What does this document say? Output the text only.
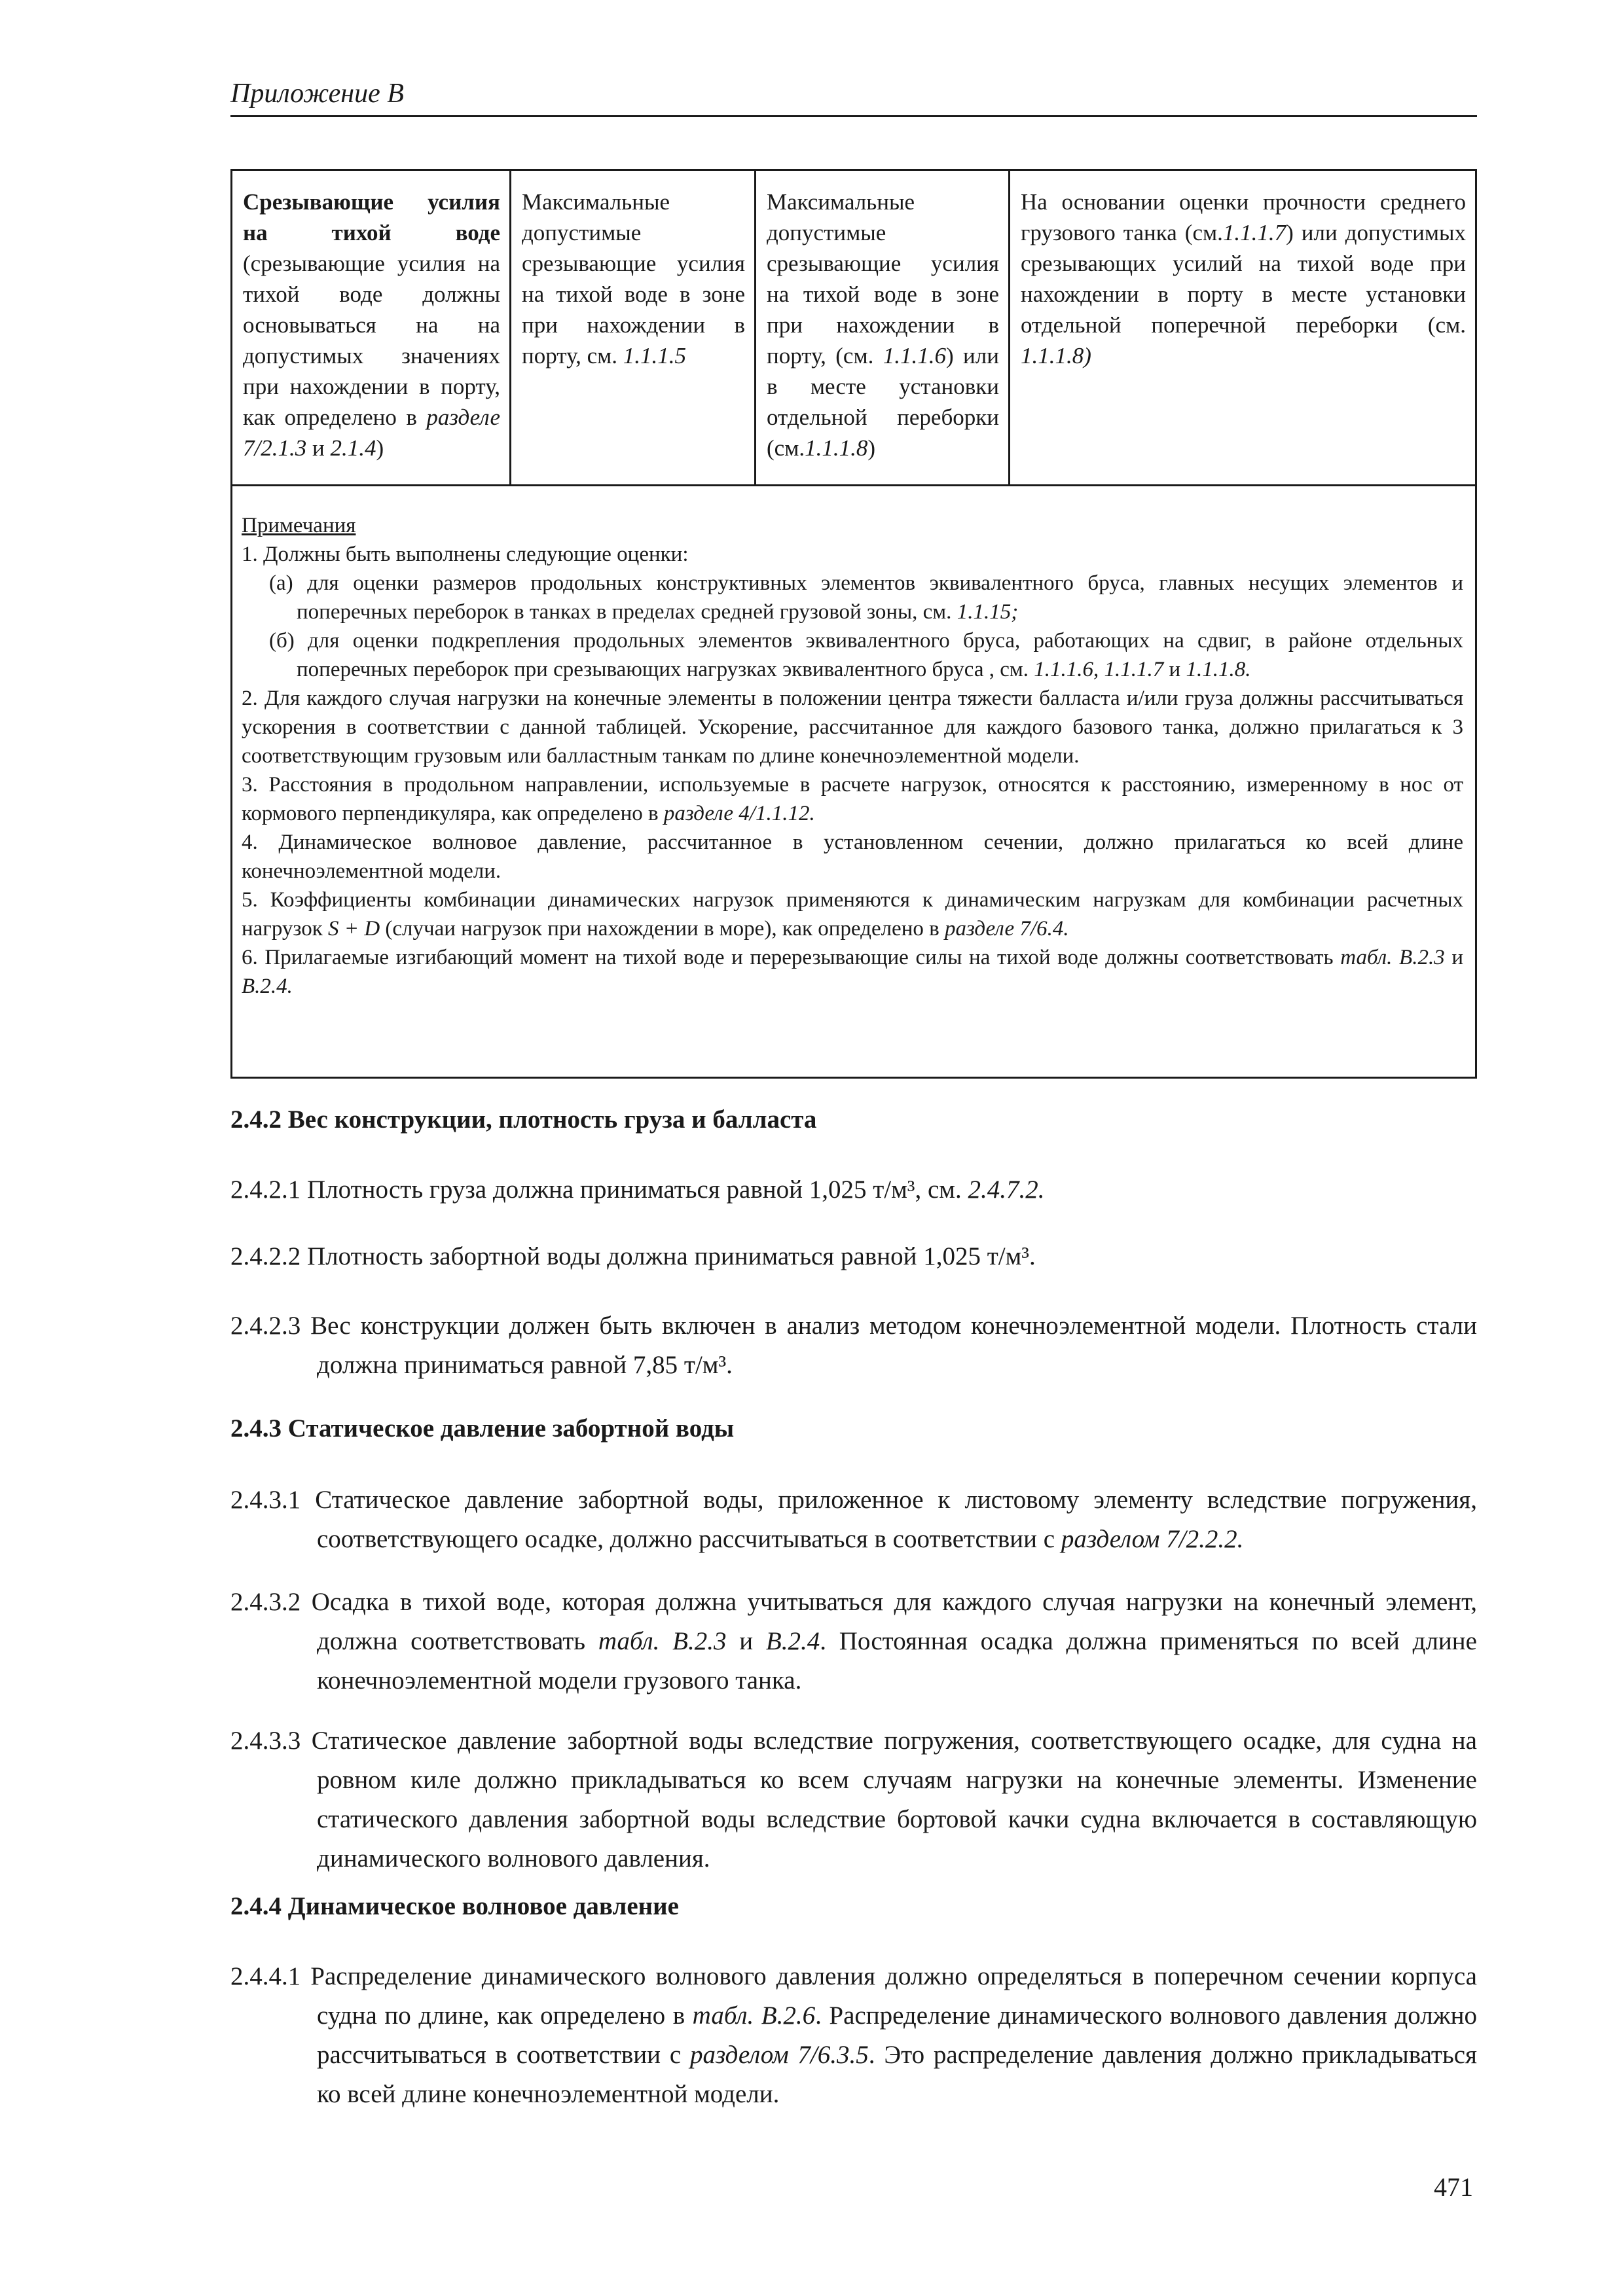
Приложение В
Срезывающие усилия на тихой воде (срезывающие усилия на тихой воде должны основываться на на допустимых значениях при нахождении в порту, как определено в разделе 7/2.1.3 и 2.1.4)
Максимальные допустимые срезывающие усилия на тихой воде в зоне при нахождении в порту, см. 1.1.1.5
Максимальные допустимые срезывающие усилия на тихой воде в зоне при нахождении в порту, (см. 1.1.1.6) или в месте установки отдельной переборки (см.1.1.1.8)
На основании оценки прочности среднего грузового танка (см.1.1.1.7) или допустимых срезывающих усилий на тихой воде при нахождении в порту в месте установки отдельной поперечной переборки (см. 1.1.1.8)

Примечания

1. Должны быть выполнены следующие оценки:

(а) для оценки размеров продольных конструктивных элементов эквивалентного бруса, главных несущих элементов и поперечных переборок в танках в пределах средней грузовой зоны, см. 1.1.15;

(б) для оценки подкрепления продольных элементов эквивалентного бруса, работающих на сдвиг, в районе отдельных поперечных переборок при срезывающих нагрузках эквивалентного бруса , см. 1.1.1.6, 1.1.1.7 и 1.1.1.8.

2. Для каждого случая нагрузки на конечные элементы в положении центра тяжести балласта и/или груза должны рассчитываться ускорения в соответствии с данной таблицей. Ускорение, рассчитанное для каждого базового танка, должно прилагаться к 3 соответствующим грузовым или балластным танкам по длине конечноэлементной модели.

3. Расстояния в продольном направлении, используемые в расчете нагрузок, относятся к расстоянию, измеренному в нос от кормового перпендикуляра, как определено в разделе 4/1.1.12.

4. Динамическое волновое давление, рассчитанное в установленном сечении, должно прилагаться ко всей длине конечноэлементной модели.

5. Коэффициенты комбинации динамических нагрузок применяются к динамическим нагрузкам для комбинации расчетных нагрузок S + D (случаи нагрузок при нахождении в море), как определено в разделе 7/6.4.

6. Прилагаемые изгибающий момент на тихой воде и перерезывающие силы на тихой воде должны соответствовать табл. В.2.3 и В.2.4.

2.4.2 Вес конструкции, плотность груза и балласта
2.4.2.1 Плотность груза должна приниматься равной 1,025 т/м³, см. 2.4.7.2.
2.4.2.2 Плотность забортной воды должна приниматься равной 1,025 т/м³.
2.4.2.3 Вес конструкции должен быть включен в анализ методом конечноэлементной модели. Плотность стали должна приниматься равной 7,85 т/м³.
2.4.3 Статическое давление забортной воды
2.4.3.1 Статическое давление забортной воды, приложенное к листовому элементу вследствие погружения, соответствующего осадке, должно рассчитываться в соответствии с разделом 7/2.2.2.
2.4.3.2 Осадка в тихой воде, которая должна учитываться для каждого случая нагрузки на конечный элемент, должна соответствовать табл. В.2.3 и В.2.4. Постоянная осадка должна применяться по всей длине конечноэлементной модели грузового танка.
2.4.3.3 Статическое давление забортной воды вследствие погружения, соответствующего осадке, для судна на ровном киле должно прикладываться ко всем случаям нагрузки на конечные элементы. Изменение статического давления забортной воды вследствие бортовой качки судна включается в составляющую динамического волнового давления.
2.4.4 Динамическое волновое давление
2.4.4.1 Распределение динамического волнового давления должно определяться в поперечном сечении корпуса судна по длине, как определено в табл. В.2.6. Распределение динамического волнового давления должно рассчитываться в соответствии с разделом 7/6.3.5. Это распределение давления должно прикладываться ко всей длине конечноэлементной модели.
471
